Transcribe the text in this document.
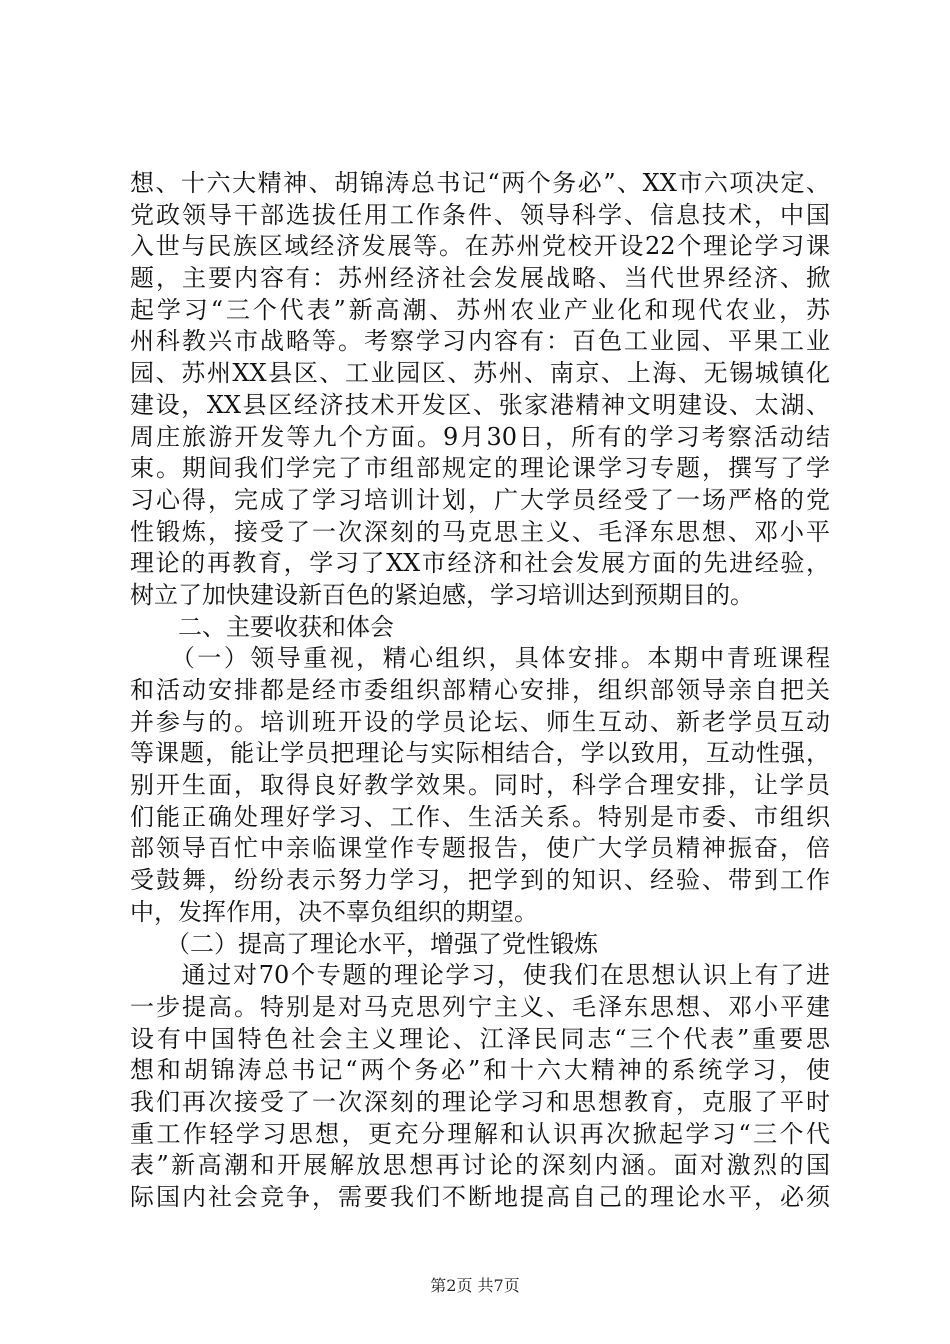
想、十六大精神、胡锦涛总书记“两个务必”、XX市六项决定、
党政领导干部选拔任用工作条件、领导科学、信息技术，中国
入世与民族区域经济发展等。在苏州党校开设22个理论学习课
题，主要内容有：苏州经济社会发展战略、当代世界经济、掀
起学习“三个代表”新高潮、苏州农业产业化和现代农业，苏
州科教兴市战略等。考察学习内容有：百色工业园、平果工业
园、苏州XX县区、工业园区、苏州、南京、上海、无锡城镇化
建设，XX县区经济技术开发区、张家港精神文明建设、太湖、
周庄旅游开发等九个方面。9月30日，所有的学习考察活动结
束。期间我们学完了市组部规定的理论课学习专题，撰写了学
习心得，完成了学习培训计划，广大学员经受了一场严格的党
性锻炼，接受了一次深刻的马克思主义、毛泽东思想、邓小平
理论的再教育，学习了XX市经济和社会发展方面的先进经验，
树立了加快建设新百色的紧迫感，学习培训达到预期目的。
　　二、主要收获和体会
　　（一）领导重视，精心组织，具体安排。本期中青班课程
和活动安排都是经市委组织部精心安排，组织部领导亲自把关
并参与的。培训班开设的学员论坛、师生互动、新老学员互动
等课题，能让学员把理论与实际相结合，学以致用，互动性强，
别开生面，取得良好教学效果。同时，科学合理安排，让学员
们能正确处理好学习、工作、生活关系。特别是市委、市组织
部领导百忙中亲临课堂作专题报告，使广大学员精神振奋，倍
受鼓舞，纷纷表示努力学习，把学到的知识、经验、带到工作
中，发挥作用，决不辜负组织的期望。
　　（二）提高了理论水平，增强了党性锻炼
　　通过对70个专题的理论学习，使我们在思想认识上有了进
一步提高。特别是对马克思列宁主义、毛泽东思想、邓小平建
设有中国特色社会主义理论、江泽民同志“三个代表”重要思
想和胡锦涛总书记“两个务必”和十六大精神的系统学习，使
我们再次接受了一次深刻的理论学习和思想教育，克服了平时
重工作轻学习思想，更充分理解和认识再次掀起学习“三个代
表”新高潮和开展解放思想再讨论的深刻内涵。面对激烈的国
际国内社会竞争，需要我们不断地提高自己的理论水平，必须
第2页 共7页
